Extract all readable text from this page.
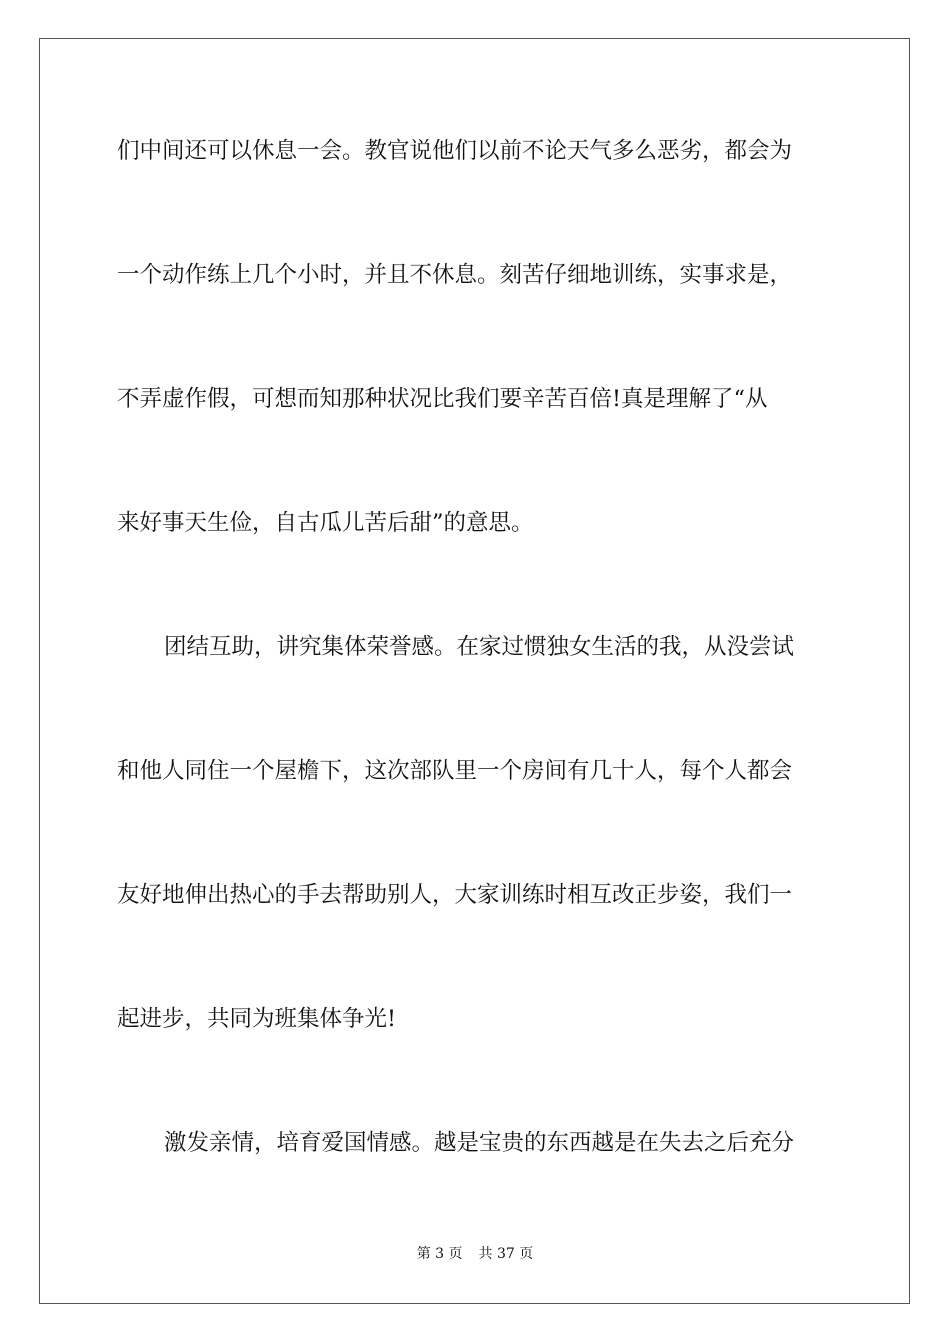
们中间还可以休息一会。教官说他们以前不论天气多么恶劣，都会为
一个动作练上几个小时，并且不休息。刻苦仔细地训练，实事求是，
不弄虚作假，可想而知那种状况比我们要辛苦百倍!真是理解了“从
来好事天生俭，自古瓜儿苦后甜”的意思。
团结互助，讲究集体荣誉感。在家过惯独女生活的我，从没尝试
和他人同住一个屋檐下，这次部队里一个房间有几十人，每个人都会
友好地伸出热心的手去帮助别人，大家训练时相互改正步姿，我们一
起进步，共同为班集体争光!
激发亲情，培育爱国情感。越是宝贵的东西越是在失去之后充分
第 3 页 共 37 页
